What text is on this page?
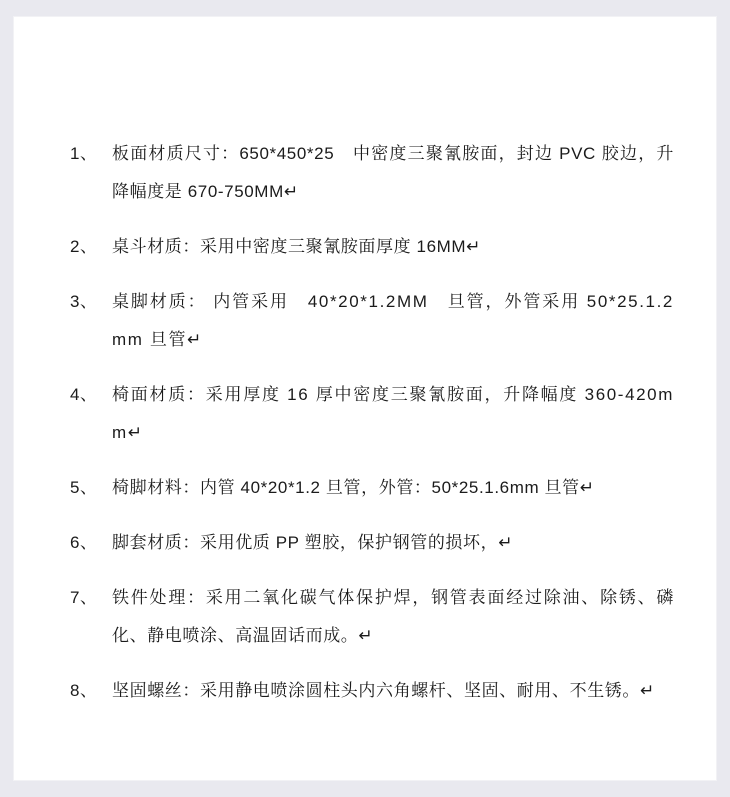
1、 板面材质尺寸：650*450*25　中密度三聚氰胺面，封边 PVC 胶边，升降幅度是 670-750MM↵
2、 桌斗材质：采用中密度三聚氰胺面厚度 16MM↵
3、 桌脚材质： 内管采用　40*20*1.2MM　旦管，外管采用 50*25.1.2mm 旦管↵
4、 椅面材质：采用厚度 16 厚中密度三聚氰胺面，升降幅度 360-420mm↵
5、 椅脚材料：内管 40*20*1.2 旦管，外管：50*25.1.6mm 旦管↵
6、 脚套材质：采用优质 PP 塑胶，保护钢管的损坏，↵
7、 铁件处理：采用二氧化碳气体保护焊，钢管表面经过除油、除锈、磷化、静电喷涂、高温固话而成。↵
8、 坚固螺丝：采用静电喷涂圆柱头内六角螺杆、坚固、耐用、不生锈。↵
